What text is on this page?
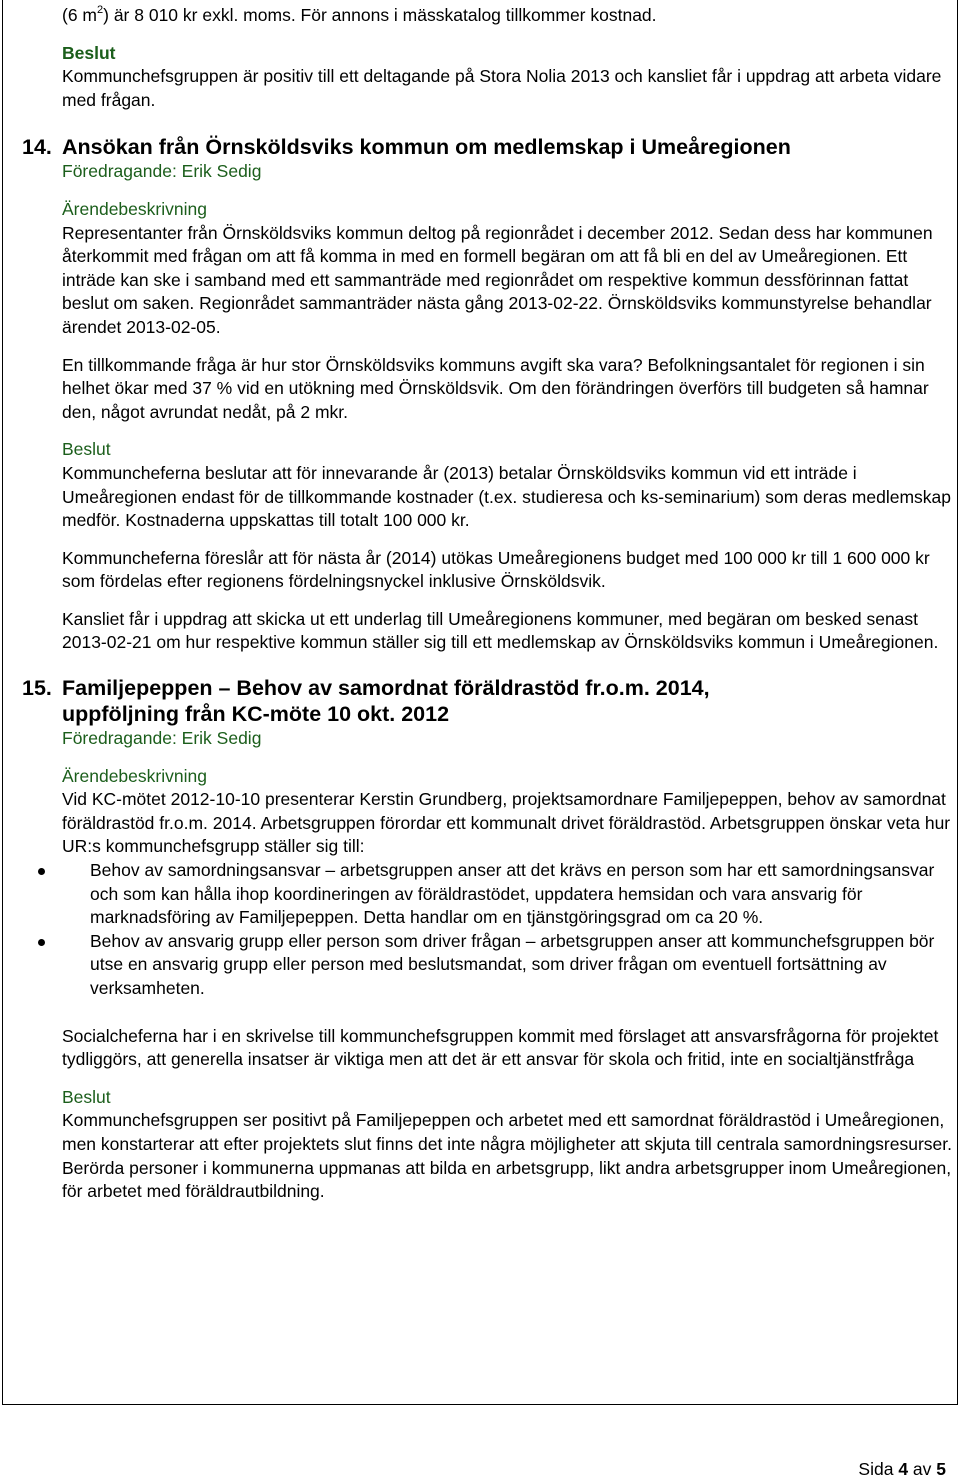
(6 $m^2$) är 8 010 kr exkl. moms. För annons i mässkatalog tillkommer kostnad.

Beslut

Kommunchefsgruppen är positiv till ett deltagande på Stora Nolia 2013 och kansliet får i uppdrag att arbeta vidare med frågan.

14. Ansökan från Örnsköldsviks kommun om medlemskap i Umeåregionen

Föredragande: Erik Sedig

Ärendebeskrivning

Representanter från Örnsköldsviks kommun deltog på regionrådet i december 2012. Sedan dess har kommunen återkommit med frågan om att få komma in med en formell begäran om att få bli en del av Umeåregionen. Ett inträde kan ske i samband med ett sammanträde med regionrådet om respektive kommun dessförinnan fattat beslut om saken. Regionrådet sammanträder nästa gång 2013-02-22. Örnsköldsviks kommunstyrelse behandlar ärendet 2013-02-05.

En tillkommande fråga är hur stor Örnsköldsviks kommuns avgift ska vara? Befolkningsantalet för regionen i sin helhet ökar med 37 % vid en utökning med Örnsköldsvik. Om den förändringen överförs till budgeten så hamnar den, något avrundat nedåt, på 2 mkr.

Beslut

Kommuncheferna beslutar att för innevarande år (2013) betalar Örnsköldsviks kommun vid ett inträde i Umeåregionen endast för de tillkommande kostnader (t.ex. studieresa och ks-seminarium) som deras medlemskap medför. Kostnaderna uppskattas till totalt 100 000 kr.

Kommuncheferna föreslår att för nästa år (2014) utökas Umeåregionens budget med 100 000 kr till 1 600 000 kr som fördelas efter regionens fördelningsnyckel inklusive Örnsköldsvik.

Kansliet får i uppdrag att skicka ut ett underlag till Umeåregionens kommuner, med begäran om besked senast 2013-02-21 om hur respektive kommun ställer sig till ett medlemskap av Örnsköldsviks kommun i Umeåregionen.

15. Familjepeppen – Behov av samordnat föräldrastöd fr.o.m. 2014,
uppföljning från KC-möte 10 okt. 2012

Föredragande: Erik Sedig

Ärendebeskrivning

Vid KC-mötet 2012-10-10 presenterar Kerstin Grundberg, projektsamordnare Familjepeppen, behov av samordnat föräldrastöd fr.o.m. 2014. Arbetsgruppen förordar ett kommunalt drivet föräldrastöd. Arbetsgruppen önskar veta hur UR:s kommunchefsgrupp ställer sig till:

Behov av samordningsansvar – arbetsgruppen anser att det krävs en person som har ett samordningsansvar och som kan hålla ihop koordineringen av föräldrastödet, uppdatera hemsidan och vara ansvarig för marknadsföring av Familjepeppen. Detta handlar om en tjänstgöringsgrad om ca 20 %.
Behov av ansvarig grupp eller person som driver frågan – arbetsgruppen anser att kommunchefsgruppen bör utse en ansvarig grupp eller person med beslutsmandat, som driver frågan om eventuell fortsättning av verksamheten.

Socialcheferna har i en skrivelse till kommunchefsgruppen kommit med förslaget att ansvarsfrågorna för projektet tydliggörs, att generella insatser är viktiga men att det är ett ansvar för skola och fritid, inte en socialtjänstfråga

Beslut

Kommunchefsgruppen ser positivt på Familjepeppen och arbetet med ett samordnat föräldrastöd i Umeåregionen, men konstarterar att efter projektets slut finns det inte några möjligheter att skjuta till centrala samordningsresurser. Berörda personer i kommunerna uppmanas att bilda en arbetsgrupp, likt andra arbetsgrupper inom Umeåregionen, för arbetet med föräldrautbildning.

Sida 4 av 5
